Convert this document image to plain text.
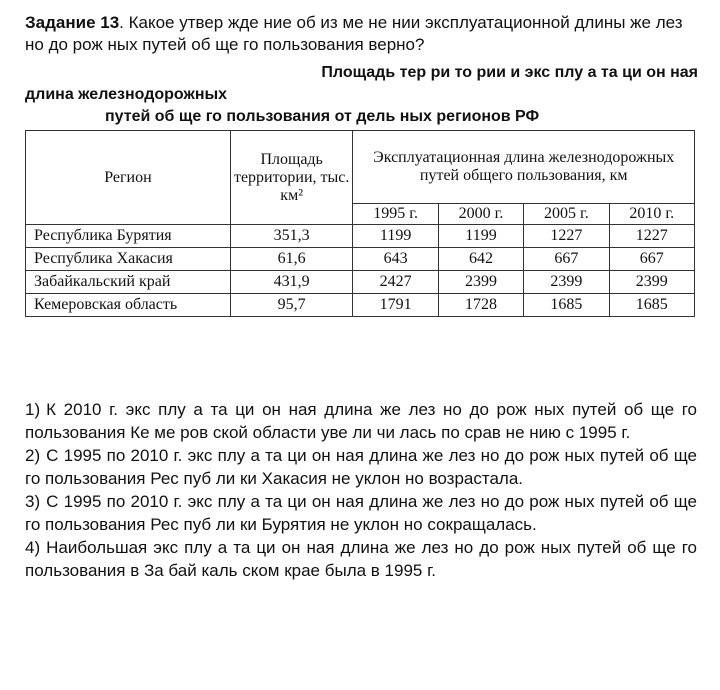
Задание 13. Какое утвер жде ние об из ме не нии эксплуатационной длины же лез но до рож ных путей об ще го пользования верно?
Площадь тер ри то рии и экс плу а та ци он ная
длина железнодорожных
путей об ще го пользования от дель ных регионов РФ
Регион	Площадь территории, тыс. км²	Эксплуатационная длина железнодорожных путей общего пользования, км			
		1995 г.	2000 г.	2005 г.	2010 г.
Республика Бурятия	351,3	1199	1199	1227	1227
Республика Хакасия	61,6	643	642	667	667
Забайкальский край	431,9	2427	2399	2399	2399
Кемеровская область	95,7	1791	1728	1685	1685
1) К 2010 г. экс плу а та ци он ная длина же лез но до рож ных путей об ще го пользования Ке ме ров ской области уве ли чи лась по срав не нию с 1995 г.
2) С 1995 по 2010 г. экс плу а та ци он ная длина же лез но до рож ных путей об ще го пользования Рес пуб ли ки Хакасия не уклон но возрастала.
3) С 1995 по 2010 г. экс плу а та ци он ная длина же лез но до рож ных путей об ще го пользования Рес пуб ли ки Бурятия не уклон но сокращалась.
4) Наибольшая экс плу а та ци он ная длина же лез но до рож ных путей об ще го пользования в За бай каль ском крае была в 1995 г.
